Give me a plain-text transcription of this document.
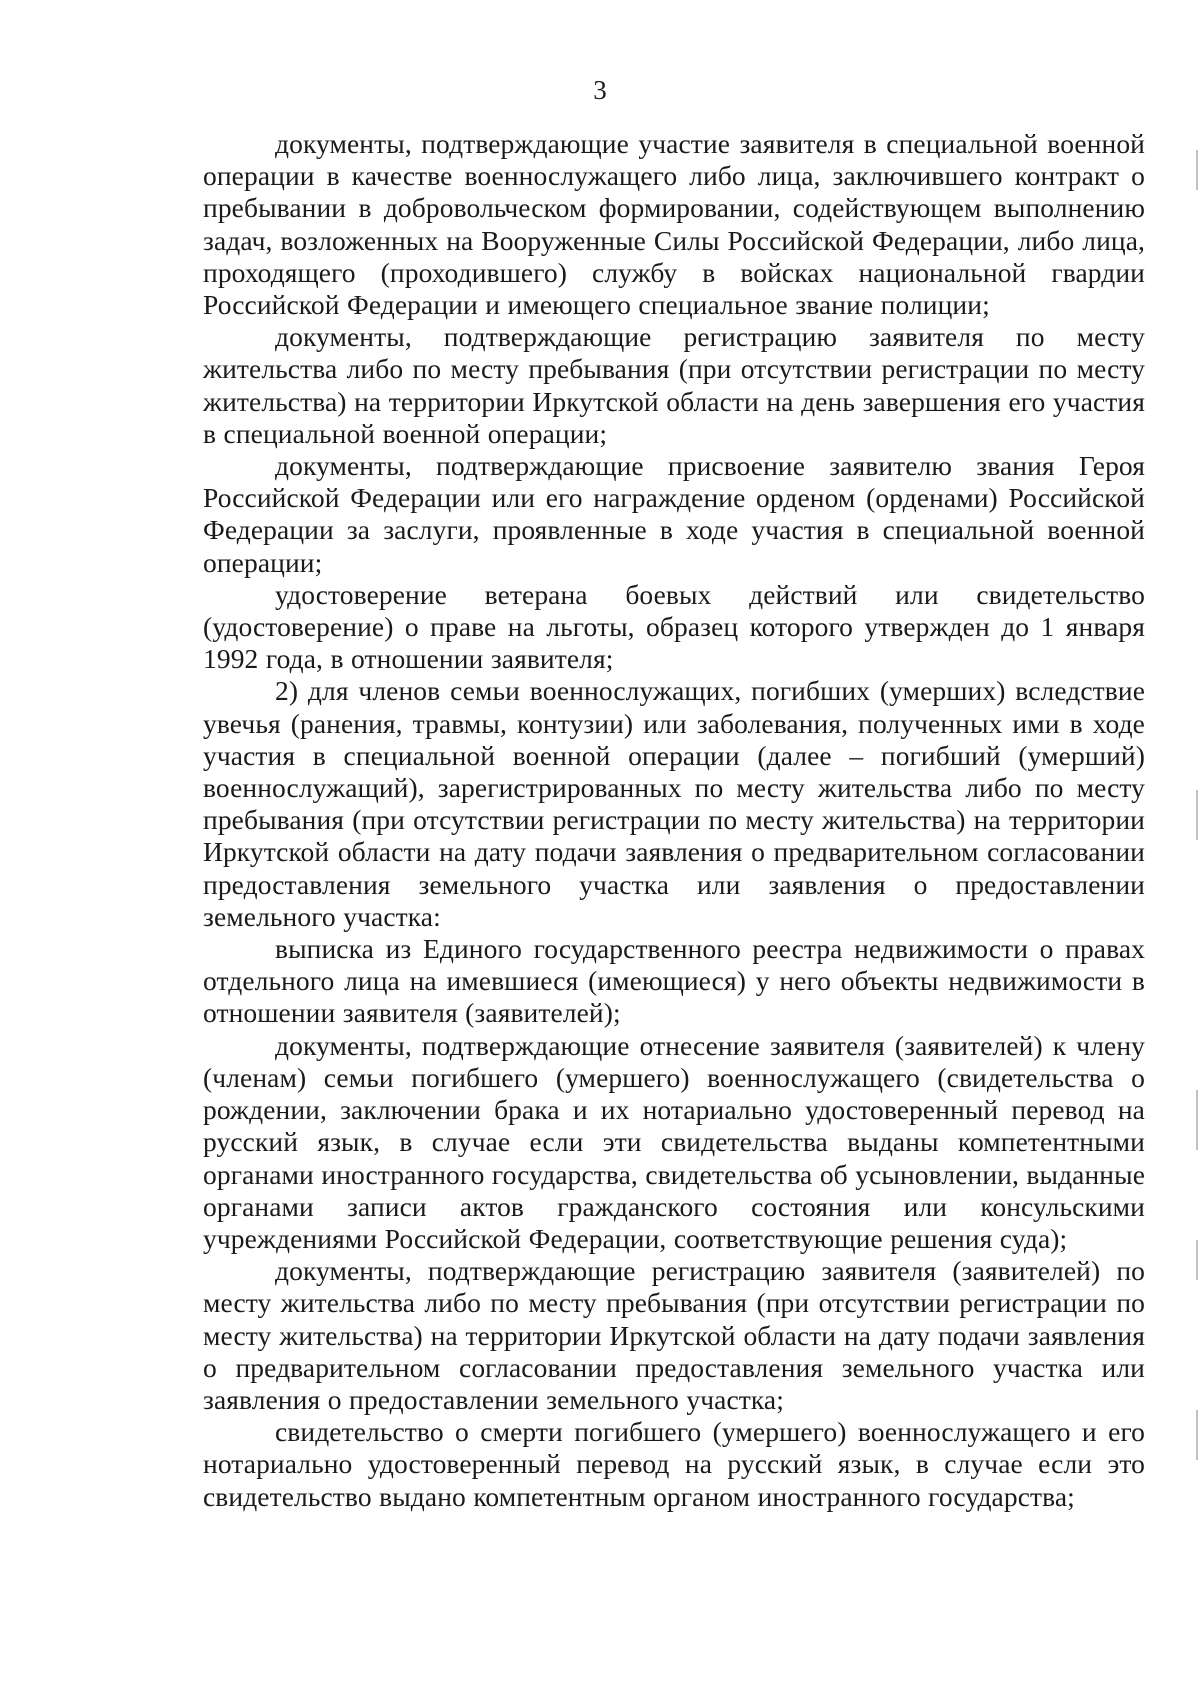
3

документы, подтверждающие участие заявителя в специальной военной операции в качестве военнослужащего либо лица, заключившего контракт о пребывании в добровольческом формировании, содействующем выполнению задач, возложенных на Вооруженные Силы Российской Федерации, либо лица, проходящего (проходившего) службу в войсках национальной гвардии Российской Федерации и имеющего специальное звание полиции;

документы, подтверждающие регистрацию заявителя по месту жительства либо по месту пребывания (при отсутствии регистрации по месту жительства) на территории Иркутской области на день завершения его участия в специальной военной операции;

документы, подтверждающие присвоение заявителю звания Героя Российской Федерации или его награждение орденом (орденами) Российской Федерации за заслуги, проявленные в ходе участия в специальной военной операции;

удостоверение ветерана боевых действий или свидетельство (удостоверение) о праве на льготы, образец которого утвержден до 1 января 1992 года, в отношении заявителя;

2) для членов семьи военнослужащих, погибших (умерших) вследствие увечья (ранения, травмы, контузии) или заболевания, полученных ими в ходе участия в специальной военной операции (далее – погибший (умерший) военнослужащий), зарегистрированных по месту жительства либо по месту пребывания (при отсутствии регистрации по месту жительства) на территории Иркутской области на дату подачи заявления о предварительном согласовании предоставления земельного участка или заявления о предоставлении земельного участка:

выписка из Единого государственного реестра недвижимости о правах отдельного лица на имевшиеся (имеющиеся) у него объекты недвижимости в отношении заявителя (заявителей);

документы, подтверждающие отнесение заявителя (заявителей) к члену (членам) семьи погибшего (умершего) военнослужащего (свидетельства о рождении, заключении брака и их нотариально удостоверенный перевод на русский язык, в случае если эти свидетельства выданы компетентными органами иностранного государства, свидетельства об усыновлении, выданные органами записи актов гражданского состояния или консульскими учреждениями Российской Федерации, соответствующие решения суда);

документы, подтверждающие регистрацию заявителя (заявителей) по месту жительства либо по месту пребывания (при отсутствии регистрации по месту жительства) на территории Иркутской области на дату подачи заявления о предварительном согласовании предоставления земельного участка или заявления о предоставлении земельного участка;

свидетельство о смерти погибшего (умершего) военнослужащего и его нотариально удостоверенный перевод на русский язык, в случае если это свидетельство выдано компетентным органом иностранного государства;
